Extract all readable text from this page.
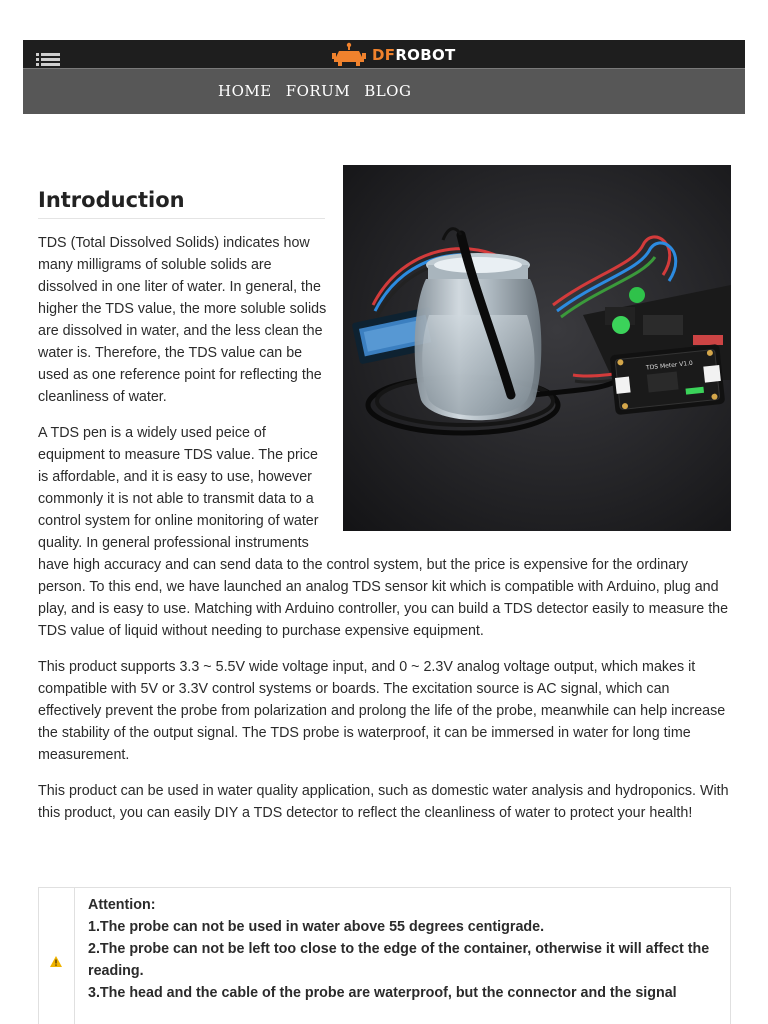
DFROBOT
HOME FORUM BLOG
TDS Meter V1.0
Introduction

TDS (Total Dissolved Solids) indicates how many milligrams of soluble solids are dissolved in one liter of water. In general, the higher the TDS value, the more soluble solids are dissolved in water, and the less clean the water is. Therefore, the TDS value can be used as one reference point for reflecting the cleanliness of water.

A TDS pen is a widely used peice of equipment to measure TDS value. The price is affordable, and it is easy to use, however commonly it is not able to transmit data to a control system for online monitoring of water quality. In general professional instruments have high accuracy and can send data to the control system, but the price is expensive for the ordinary person. To this end, we have launched an analog TDS sensor kit which is compatible with Arduino, plug and play, and is easy to use. Matching with Arduino controller, you can build a TDS detector easily to measure the TDS value of liquid without needing to purchase expensive equipment.

This product supports 3.3 ~ 5.5V wide voltage input, and 0 ~ 2.3V analog voltage output, which makes it compatible with 5V or 3.3V control systems or boards. The excitation source is AC signal, which can effectively prevent the probe from polarization and prolong the life of the probe, meanwhile can help increase the stability of the output signal. The TDS probe is waterproof, it can be immersed in water for long time measurement.

This product can be used in water quality application, such as domestic water analysis and hydroponics. With this product, you can easily DIY a TDS detector to reflect the cleanliness of water to protect your health!

Attention:
1.The probe can not be used in water above 55 degrees centigrade.
2.The probe can not be left too close to the edge of the container, otherwise it will affect the reading.
3.The head and the cable of the probe are waterproof, but the connector and the signal
